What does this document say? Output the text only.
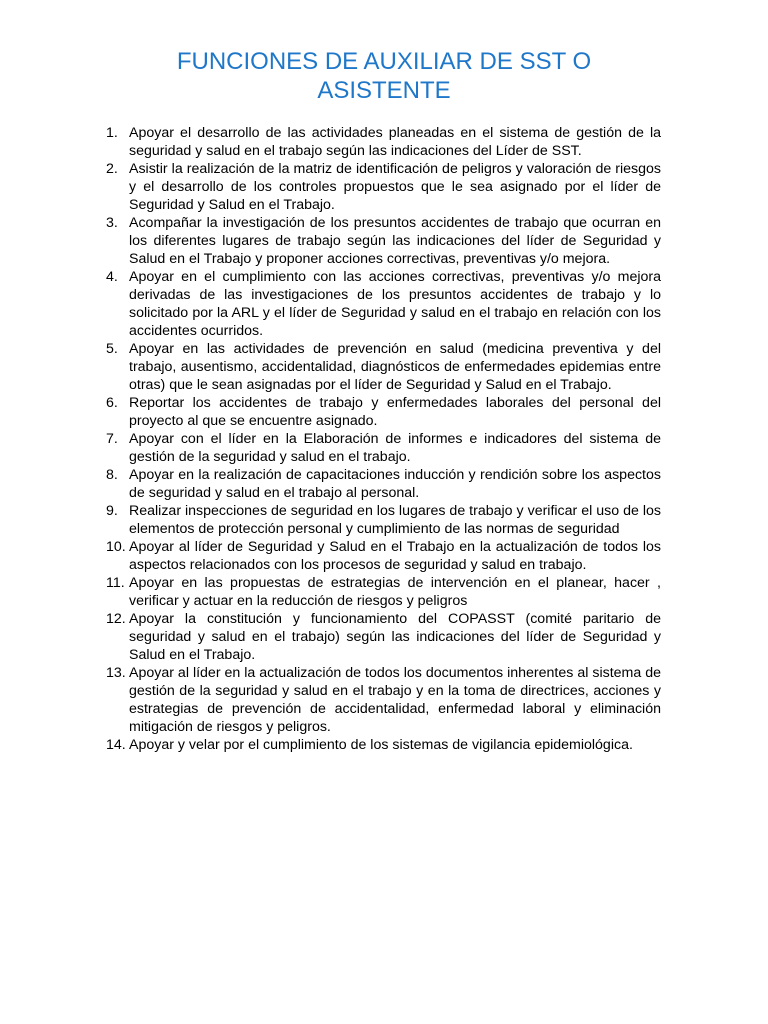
FUNCIONES DE AUXILIAR DE SST O ASISTENTE
1. Apoyar el desarrollo de las actividades planeadas en el sistema de gestión de la seguridad y salud en el trabajo según las indicaciones del Líder de SST.
2. Asistir la realización de la matriz de identificación de peligros y valoración de riesgos y el desarrollo de los controles propuestos que le sea asignado por el líder de Seguridad y Salud en el Trabajo.
3. Acompañar la investigación de los presuntos accidentes de trabajo que ocurran en los diferentes lugares de trabajo según las indicaciones del líder de Seguridad y Salud en el Trabajo y proponer acciones correctivas, preventivas y/o mejora.
4. Apoyar en el cumplimiento con las acciones correctivas, preventivas y/o mejora derivadas de las investigaciones de los presuntos accidentes de trabajo y lo solicitado por la ARL y el líder de Seguridad y salud en el trabajo en relación con los accidentes ocurridos.
5. Apoyar en las actividades de prevención en salud (medicina preventiva y del trabajo, ausentismo, accidentalidad, diagnósticos de enfermedades epidemias entre otras) que le sean asignadas por el líder de Seguridad y Salud en el Trabajo.
6. Reportar los accidentes de trabajo y enfermedades laborales del personal del proyecto al que se encuentre asignado.
7. Apoyar con el líder en la Elaboración de informes e indicadores del sistema de gestión de la seguridad y salud en el trabajo.
8. Apoyar en la realización de capacitaciones inducción y rendición sobre los aspectos de seguridad y salud en el trabajo al personal.
9. Realizar inspecciones de seguridad en los lugares de trabajo y verificar el uso de los elementos de protección personal y cumplimiento de las normas de seguridad
10. Apoyar al líder de Seguridad y Salud en el Trabajo en la actualización de todos los aspectos relacionados con los procesos de seguridad y salud en trabajo.
11. Apoyar en las propuestas de estrategias de intervención en el planear, hacer , verificar y actuar en la reducción de riesgos y peligros
12. Apoyar la constitución y funcionamiento del COPASST (comité paritario de seguridad y salud en el trabajo) según las indicaciones del líder de Seguridad y Salud en el Trabajo.
13. Apoyar al líder en la actualización de todos los documentos inherentes al sistema de gestión de la seguridad y salud en el trabajo y en la toma de directrices, acciones y estrategias de prevención de accidentalidad, enfermedad laboral y eliminación mitigación de riesgos y peligros.
14. Apoyar y velar por el cumplimiento de los sistemas de vigilancia epidemiológica.
